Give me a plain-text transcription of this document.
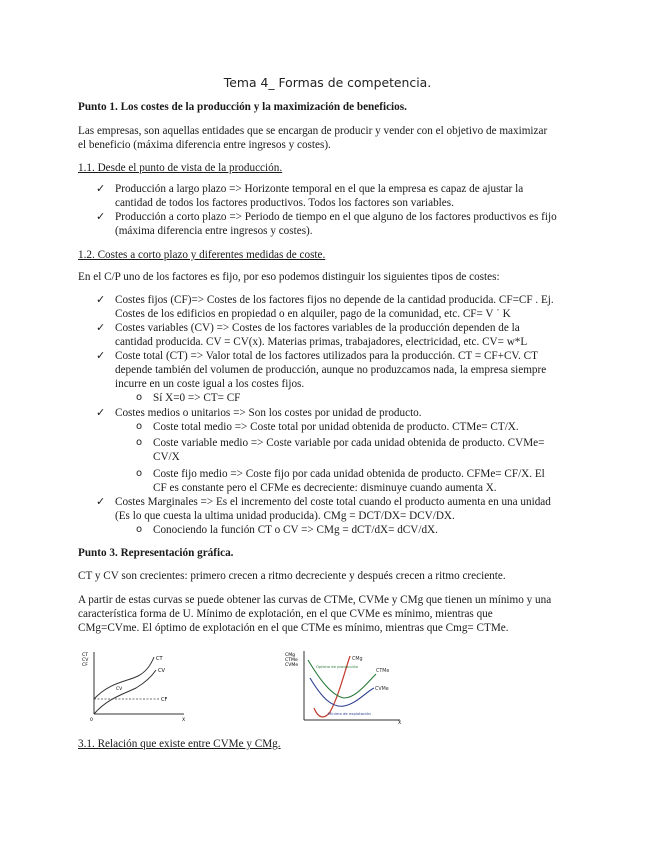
Tema 4_ Formas de competencia.
Punto 1. Los costes de la producción y la maximización de beneficios.
Las empresas, son aquellas entidades que se encargan de producir y vender con el objetivo de maximizar
el beneficio (máxima diferencia entre ingresos y costes).
1.1. Desde el punto de vista de la producción.
✓ Producción a largo plazo => Horizonte temporal en el que la empresa es capaz de ajustar la
cantidad de todos los factores productivos. Todos los factores son variables.
✓ Producción a corto plazo => Periodo de tiempo en el que alguno de los factores productivos es fijo
(máxima diferencia entre ingresos y costes).
1.2. Costes a corto plazo y diferentes medidas de coste.
En el C/P uno de los factores es fijo, por eso podemos distinguir los siguientes tipos de costes:
✓ Costes fijos (CF)=> Costes de los factores fijos no depende de la cantidad producida. CF=CF . Ej.
Costes de los edificios en propiedad o en alquiler, pago de la comunidad, etc. CF= V ˙ K
✓ Costes variables (CV) => Costes de los factores variables de la producción dependen de la
cantidad producida. CV = CV(x). Materias primas, trabajadores, electricidad, etc. CV= w*L
✓ Coste total (CT) => Valor total de los factores utilizados para la producción. CT = CF+CV. CT
depende también del volumen de producción, aunque no produzcamos nada, la empresa siempre
incurre en un coste igual a los costes fijos.
o Sí X=0 => CT= CF
✓ Costes medios o unitarios => Son los costes por unidad de producto.
o Coste total medio => Coste total por unidad obtenida de producto. CTMe= CT/X.
o Coste variable medio => Coste variable por cada unidad obtenida de producto. CVMe=
CV/X
o Coste fijo medio => Coste fijo por cada unidad obtenida de producto. CFMe= CF/X. El
CF es constante pero el CFMe es decreciente: disminuye cuando aumenta X.
✓ Costes Marginales => Es el incremento del coste total cuando el producto aumenta en una unidad
(Es lo que cuesta la ultima unidad producida). CMg = DCT/DX= DCV/DX.
o Conociendo la función CT o CV => CMg = dCT/dX= dCV/dX.
Punto 3. Representación gráfica.
CT y CV son crecientes: primero crecen a ritmo decreciente y después crecen a ritmo creciente.
A partir de estas curvas se puede obtener las curvas de CTMe, CVMe y CMg que tienen un mínimo y una
característica forma de U. Mínimo de explotación, en el que CVMe es mínimo, mientras que
CMg=CVme. El óptimo de explotación en el que CTMe es mínimo, mientras que Cmg= CTMe.
CT
CV
CF
CT
CV
CF
CV
0	X
CMg
CTMe
CVMe
CMg
CTMe
CVMe
Óptimo de producción
Mínimo de explotación
X
3.1. Relación que existe entre CVMe y CMg.
